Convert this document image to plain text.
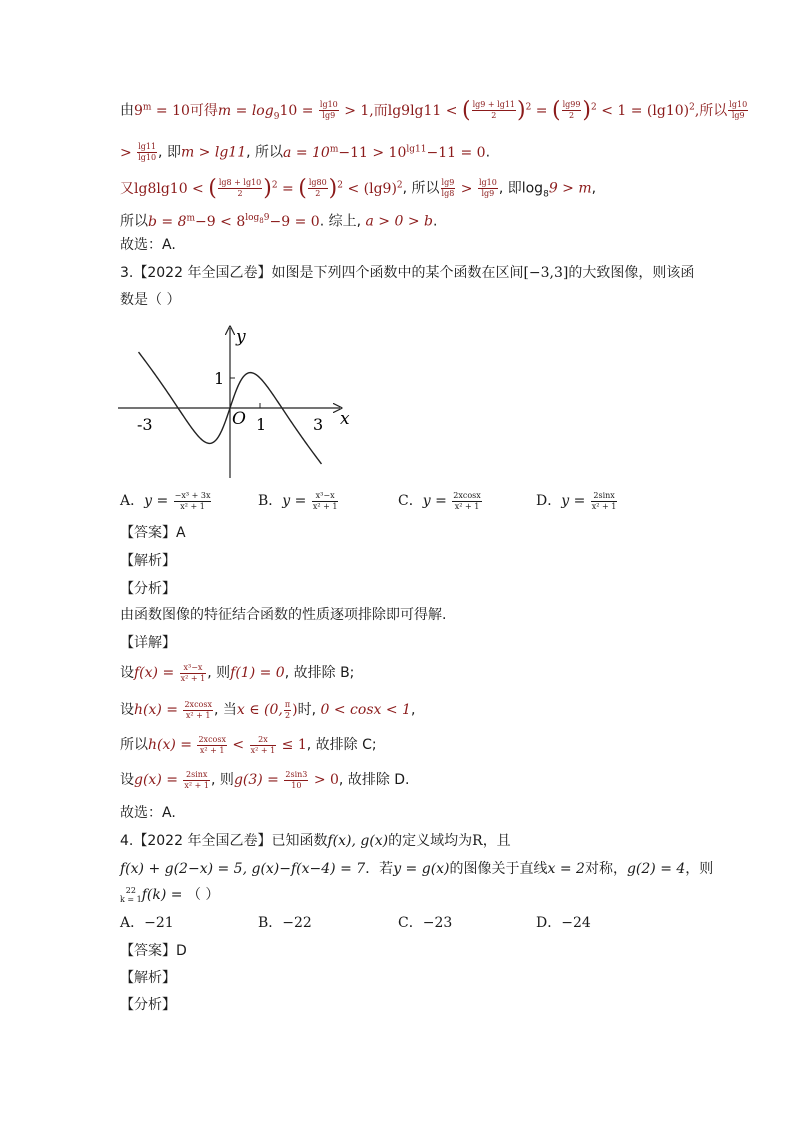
由$9^m = 10$可得$m = \log_910 = \frac{\lg 10}{\lg 9} > 1$,而lg9lg11 < ( $\frac{\lg 9 + \lg 11}{2} )^2$ = ( $\frac{\lg 99}{2} )^2 < 1 = (\lg 10)^2$,所以 $\frac{\lg 10}{\lg 9}$
> $\frac{\lg 11}{\lg 10}$ , 即m > lg11, 所以$a = 10^m-11 > 10^{lg11}-11 = 0$.
又lg8lg10 < ( $\frac{\lg 8 + \lg 10}{2} )^2$ = ( $\frac{\lg 80}{2} )^2 < (\lg 9)^2$, 所以 $\frac{\lg 9}{\lg 8} > \frac{\lg 10}{\lg 9}$ , 即$\log_89 > m$,
所以$b = 8^m-9 < 8^{log_89}-9 = 0$. 综上, a > 0 > b.
故选：A.
3.【2022 年全国乙卷】如图是下列四个函数中的某个函数在区间[−3,3]的大致图像，则该函
数是（ ）
y
x
O
-3	1	3
1
A．$y = \frac{\text{−x³ + 3x}}{\text{x² + 1}}$	B．$y = \frac{\text{x³−x}}{\text{x² + 1}}$	C．$y = \frac{2xcosx}{\text{x² + 1}}$	D．$y = \frac{2\sin x}{\text{x² + 1}}$
【答案】A
【解析】
【分析】
由函数图像的特征结合函数的性质逐项排除即可得解.
【详解】
设$f(x) = \frac{\text{x³−x}}{\text{x² + 1}}$ , 则f(1) = 0, 故排除 B;
设$h(x) = \frac{2xcosx}{\text{x² + 1}}$ , 当x ∈ (0, $\frac{\pi}{2}$ )时, 0 < cosx < 1,
所以$h(x) = \frac{2xcosx}{\text{x² + 1}} < \frac{2x}{\text{x² + 1}} \le 1$, 故排除 C;
设$g(x) = \frac{2\sin x}{\text{x² + 1}}$ , 则$g(3) = \frac{2\sin 3}{10} > 0$, 故排除 D.
故选：A.
4.【2022 年全国乙卷】已知函数f(x), g(x)的定义域均为R，且
f(x) + g(2−x) = 5, g(x)−f(x−4) = 7．若y = g(x)的图像关于直线x = 2对称，g(2) = 4，则
22
k = 1 f(k) = （ ）
A．−21	B．−22	C．−23	D．−24
【答案】D
【解析】
【分析】
